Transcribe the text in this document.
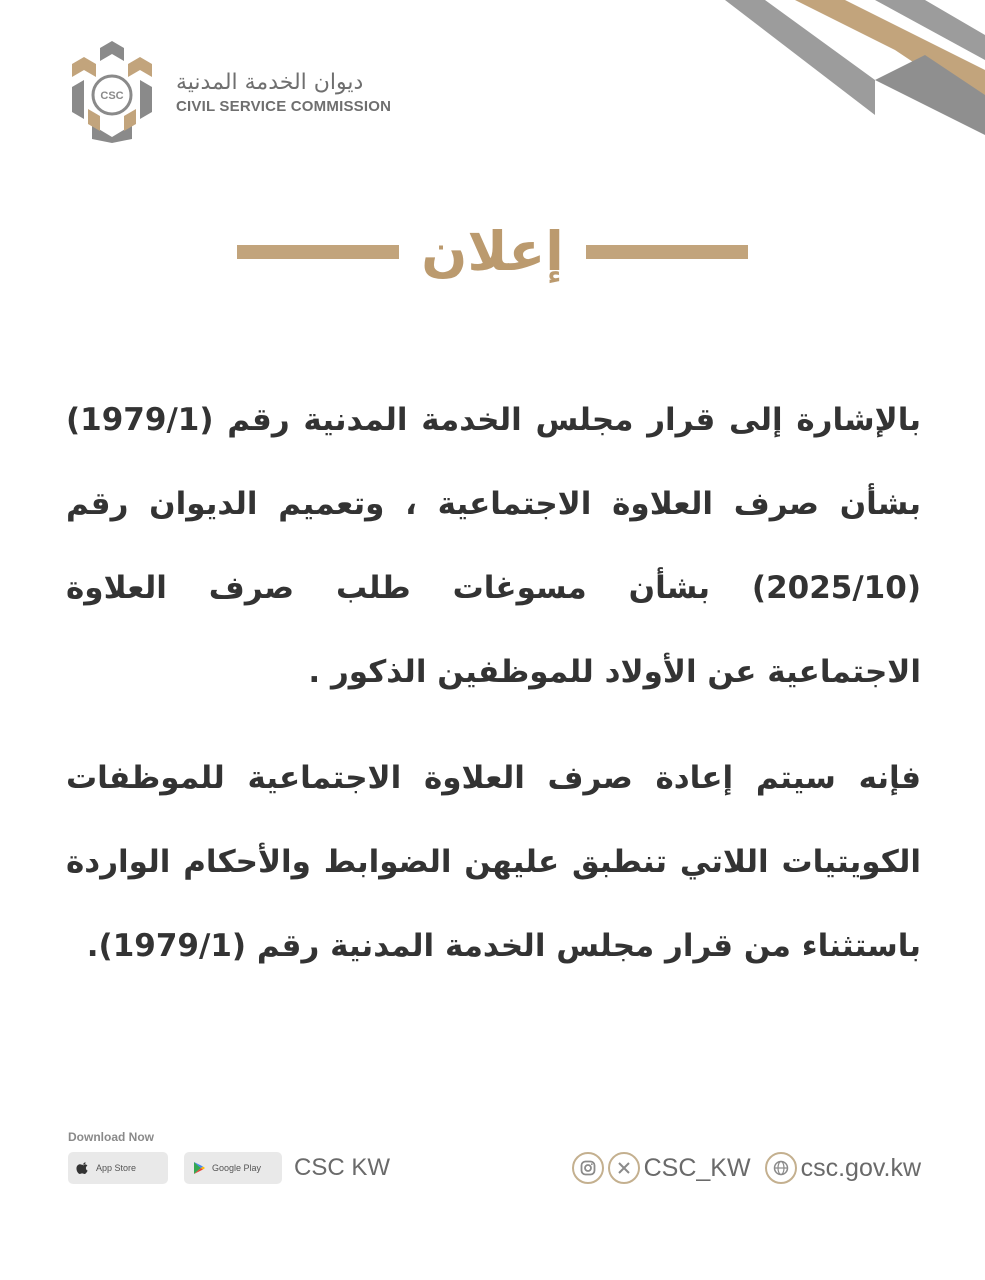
CSC
ديوان الخدمة المدنية
CIVIL SERVICE COMMISSION
إعلان

بالإشارة إلى قرار مجلس الخدمة المدنية رقم (1979/1) بشأن صرف العلاوة الاجتماعية ، وتعميم الديوان رقم (2025/10) بشأن مسوغات طلب صرف العلاوة الاجتماعية عن الأولاد للموظفين الذكور .

فإنه سيتم إعادة صرف العلاوة الاجتماعية للموظفات الكويتيات اللاتي تنطبق عليهن الضوابط والأحكام الواردة باستثناء من قرار مجلس الخدمة المدنية رقم (1979/1).

Download Now
App Store	Google Play CSC KW	CSC_KW csc.gov.kw
